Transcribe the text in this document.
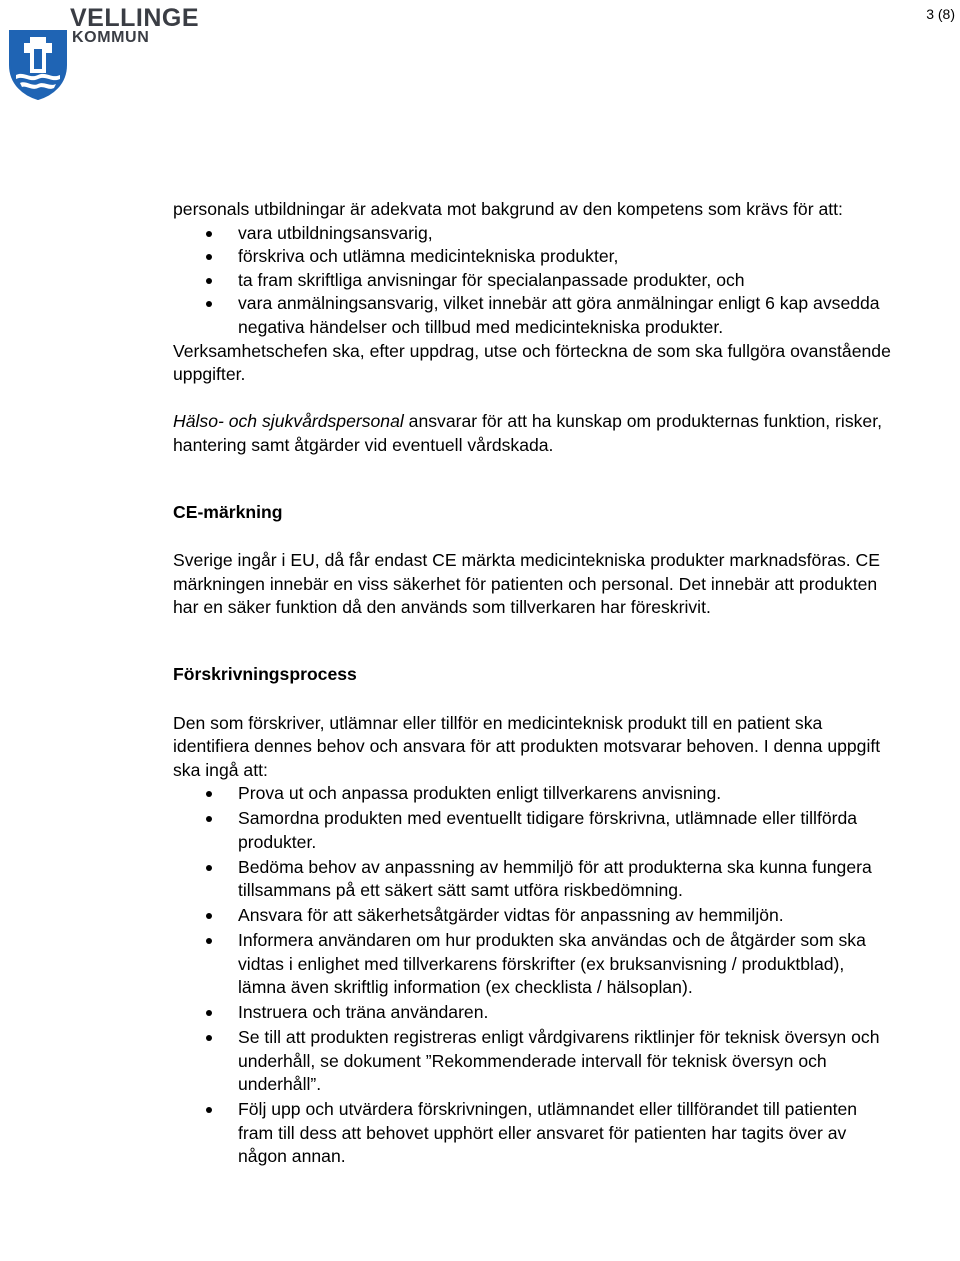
VELLINGE
KOMMUN
3 (8)

personals utbildningar är adekvata mot bakgrund av den kompetens som krävs för att:

vara utbildningsansvarig,
förskriva och utlämna medicintekniska produkter,
ta fram skriftliga anvisningar för specialanpassade produkter, och
vara anmälningsansvarig, vilket innebär att göra anmälningar enligt 6 kap avsedda negativa händelser och tillbud med medicintekniska produkter.

Verksamhetschefen ska, efter uppdrag, utse och förteckna de som ska fullgöra ovanstående uppgifter.

Hälso- och sjukvårdspersonal ansvarar för att ha kunskap om produkternas funktion, risker, hantering samt åtgärder vid eventuell vårdskada.

CE-märkning

Sverige ingår i EU, då får endast CE märkta medicintekniska produkter marknadsföras. CE märkningen innebär en viss säkerhet för patienten och personal. Det innebär att produkten har en säker funktion då den används som tillverkaren har föreskrivit.

Förskrivningsprocess

Den som förskriver, utlämnar eller tillför en medicinteknisk produkt till en patient ska identifiera dennes behov och ansvara för att produkten motsvarar behoven. I denna uppgift ska ingå att:

Prova ut och anpassa produkten enligt tillverkarens anvisning.
Samordna produkten med eventuellt tidigare förskrivna, utlämnade eller tillförda produkter.
Bedöma behov av anpassning av hemmiljö för att produkterna ska kunna fungera tillsammans på ett säkert sätt samt utföra riskbedömning.
Ansvara för att säkerhetsåtgärder vidtas för anpassning av hemmiljön.
Informera användaren om hur produkten ska användas och de åtgärder som ska vidtas i enlighet med tillverkarens förskrifter (ex bruksanvisning / produktblad), lämna även skriftlig information (ex checklista / hälsoplan).
Instruera och träna användaren.
Se till att produkten registreras enligt vårdgivarens riktlinjer för teknisk översyn och underhåll, se dokument ”Rekommenderade intervall för teknisk översyn och underhåll”.
Följ upp och utvärdera förskrivningen, utlämnandet eller tillförandet till patienten fram till dess att behovet upphört eller ansvaret för patienten har tagits över av någon annan.
